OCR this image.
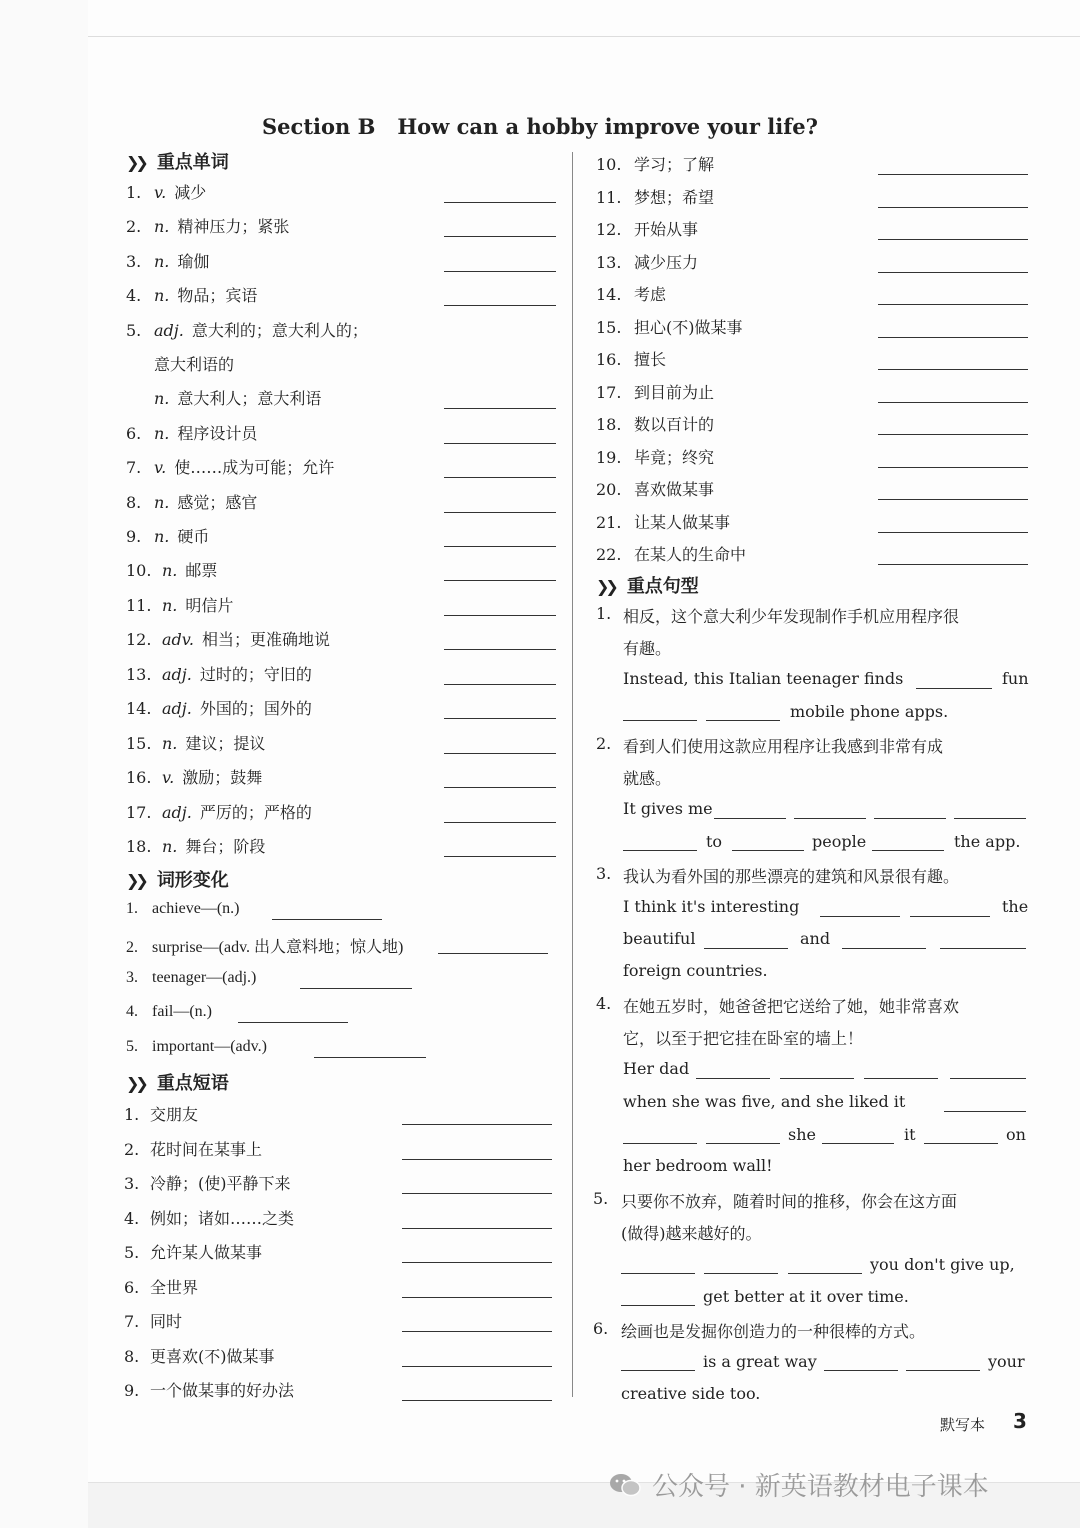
Section B How can a hobby improve your life?
❯❯ 重点单词
1. v. 减少
2. n. 精神压力；紧张
3. n. 瑜伽
4. n. 物品；宾语
5. adj. 意大利的；意大利人的；
意大利语的
n. 意大利人；意大利语
6. n. 程序设计员
7. v. 使……成为可能；允许
8. n. 感觉；感官
9. n. 硬币
10. n. 邮票
11. n. 明信片
12. adv. 相当；更准确地说
13. adj. 过时的；守旧的
14. adj. 外国的；国外的
15. n. 建议；提议
16. v. 激励；鼓舞
17. adj. 严厉的；严格的
18. n. 舞台；阶段
❯❯ 词形变化
1. achieve—(n.)
2. surprise—(adv. 出人意料地；惊人地)
3. teenager—(adj.)
4. fail—(n.)
5. important—(adv.)
❯❯ 重点短语
1. 交朋友
2. 花时间在某事上
3. 冷静；(使)平静下来
4. 例如；诸如……之类
5. 允许某人做某事
6. 全世界
7. 同时
8. 更喜欢(不)做某事
9. 一个做某事的好办法
10. 学习；了解
11. 梦想；希望
12. 开始从事
13. 减少压力
14. 考虑
15. 担心(不)做某事
16. 擅长
17. 到目前为止
18. 数以百计的
19. 毕竟；终究
20. 喜欢做某事
21. 让某人做某事
22. 在某人的生命中
❯❯ 重点句型
1. 相反，这个意大利少年发现制作手机应用程序很
有趣。
Instead, this Italian teenager finds	fun
mobile phone apps.
2. 看到人们使用这款应用程序让我感到非常有成
就感。
It gives me
to	people	the app.
3. 我认为看外国的那些漂亮的建筑和风景很有趣。
I think it's interesting	the
beautiful	and
foreign countries.
4. 在她五岁时，她爸爸把它送给了她，她非常喜欢
它，以至于把它挂在卧室的墙上！
Her dad
when she was five, and she liked it
she	it	on
her bedroom wall!
5. 只要你不放弃，随着时间的推移，你会在这方面
(做得)越来越好的。
you don't give up,
get better at it over time.
6. 绘画也是发掘你创造力的一种很棒的方式。
is a great way	your
creative side too.
默写本 3
公众号 · 新英语教材电子课本
